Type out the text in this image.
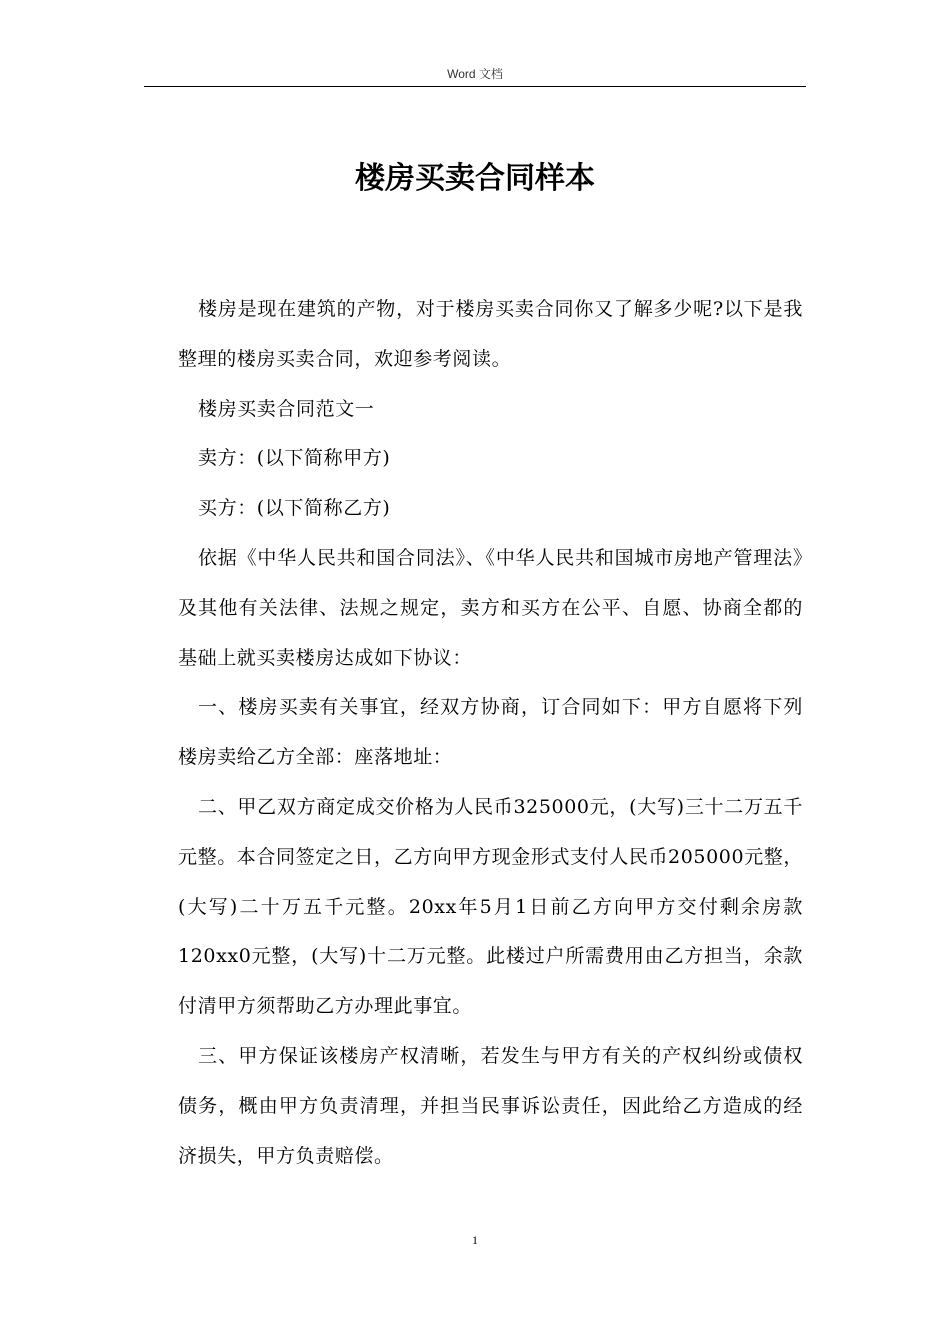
Word 文档
楼房买卖合同样本

楼房是现在建筑的产物，对于楼房买卖合同你又了解多少呢?以下是我整理的楼房买卖合同，欢迎参考阅读。

楼房买卖合同范文一

卖方：(以下简称甲方)

买方：(以下简称乙方)

依据《中华人民共和国合同法》、《中华人民共和国城市房地产管理法》及其他有关法律、法规之规定，卖方和买方在公平、自愿、协商全都的基础上就买卖楼房达成如下协议：

一、楼房买卖有关事宜，经双方协商，订合同如下：甲方自愿将下列楼房卖给乙方全部：座落地址：

二、甲乙双方商定成交价格为人民币325000元，(大写)三十二万五千元整。本合同签定之日，乙方向甲方现金形式支付人民币205000元整，(大写)二十万五千元整。20xx年5月1日前乙方向甲方交付剩余房款120xx0元整，(大写)十二万元整。此楼过户所需费用由乙方担当，余款付清甲方须帮助乙方办理此事宜。

三、甲方保证该楼房产权清晰，若发生与甲方有关的产权纠纷或债权债务，概由甲方负责清理，并担当民事诉讼责任，因此给乙方造成的经济损失，甲方负责赔偿。

1
